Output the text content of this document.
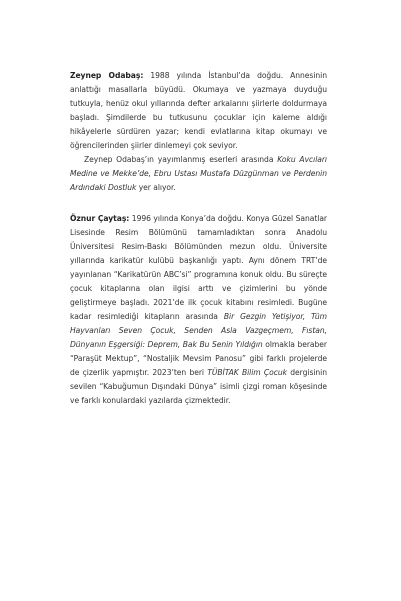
Zeynep Odabaş: 1988 yılında İstanbul’da doğdu. Annesinin anlattığı masallarla büyüdü. Okumaya ve yazmaya duyduğu tutkuyla, henüz okul yıllarında defter arkalarını şiirlerle doldurmaya başladı. Şimdilerde bu tutkusunu çocuklar için kaleme aldığı hikâyelerle sürdüren yazar; kendi evlatlarına kitap okumayı ve öğrencilerinden şiirler dinlemeyi çok seviyor.

Zeynep Odabaş’ın yayımlanmış eserleri arasında Koku Avcıları Medine ve Mekke’de, Ebru Ustası Mustafa Düzgünman ve Perdenin Ardındaki Dostluk yer alıyor.

Öznur Çaytaş: 1996 yılında Konya’da doğdu. Konya Güzel Sanatlar Lisesinde Resim Bölümünü tamamladıktan sonra Anadolu Üniversitesi Resim-Baskı Bölümünden mezun oldu. Üniversite yıllarında karikatür kulübü başkanlığı yaptı. Aynı dönem TRT’de yayınlanan “Karikatürün ABC’si” programına konuk oldu. Bu süreçte çocuk kitaplarına olan ilgisi arttı ve çizimlerini bu yönde geliştirmeye başladı. 2021’de ilk çocuk kitabını resimledi. Bugüne kadar resimlediği kitapların arasında Bir Gezgin Yetişiyor, Tüm Hayvanları Seven Çocuk, Senden Asla Vazgeçmem, Fıstan, Dünyanın Eşgersiği: Deprem, Bak Bu Senin Yıldığın olmakla beraber “Paraşüt Mektup”, “Nostaljik Mevsim Panosu” gibi farklı projelerde de çizerlik yapmıştır. 2023’ten beri TÜBİTAK Bilim Çocuk dergisinin sevilen “Kabuğumun Dışındaki Dünya” isimli çizgi roman köşesinde ve farklı konulardaki yazılarda çizmektedir.
